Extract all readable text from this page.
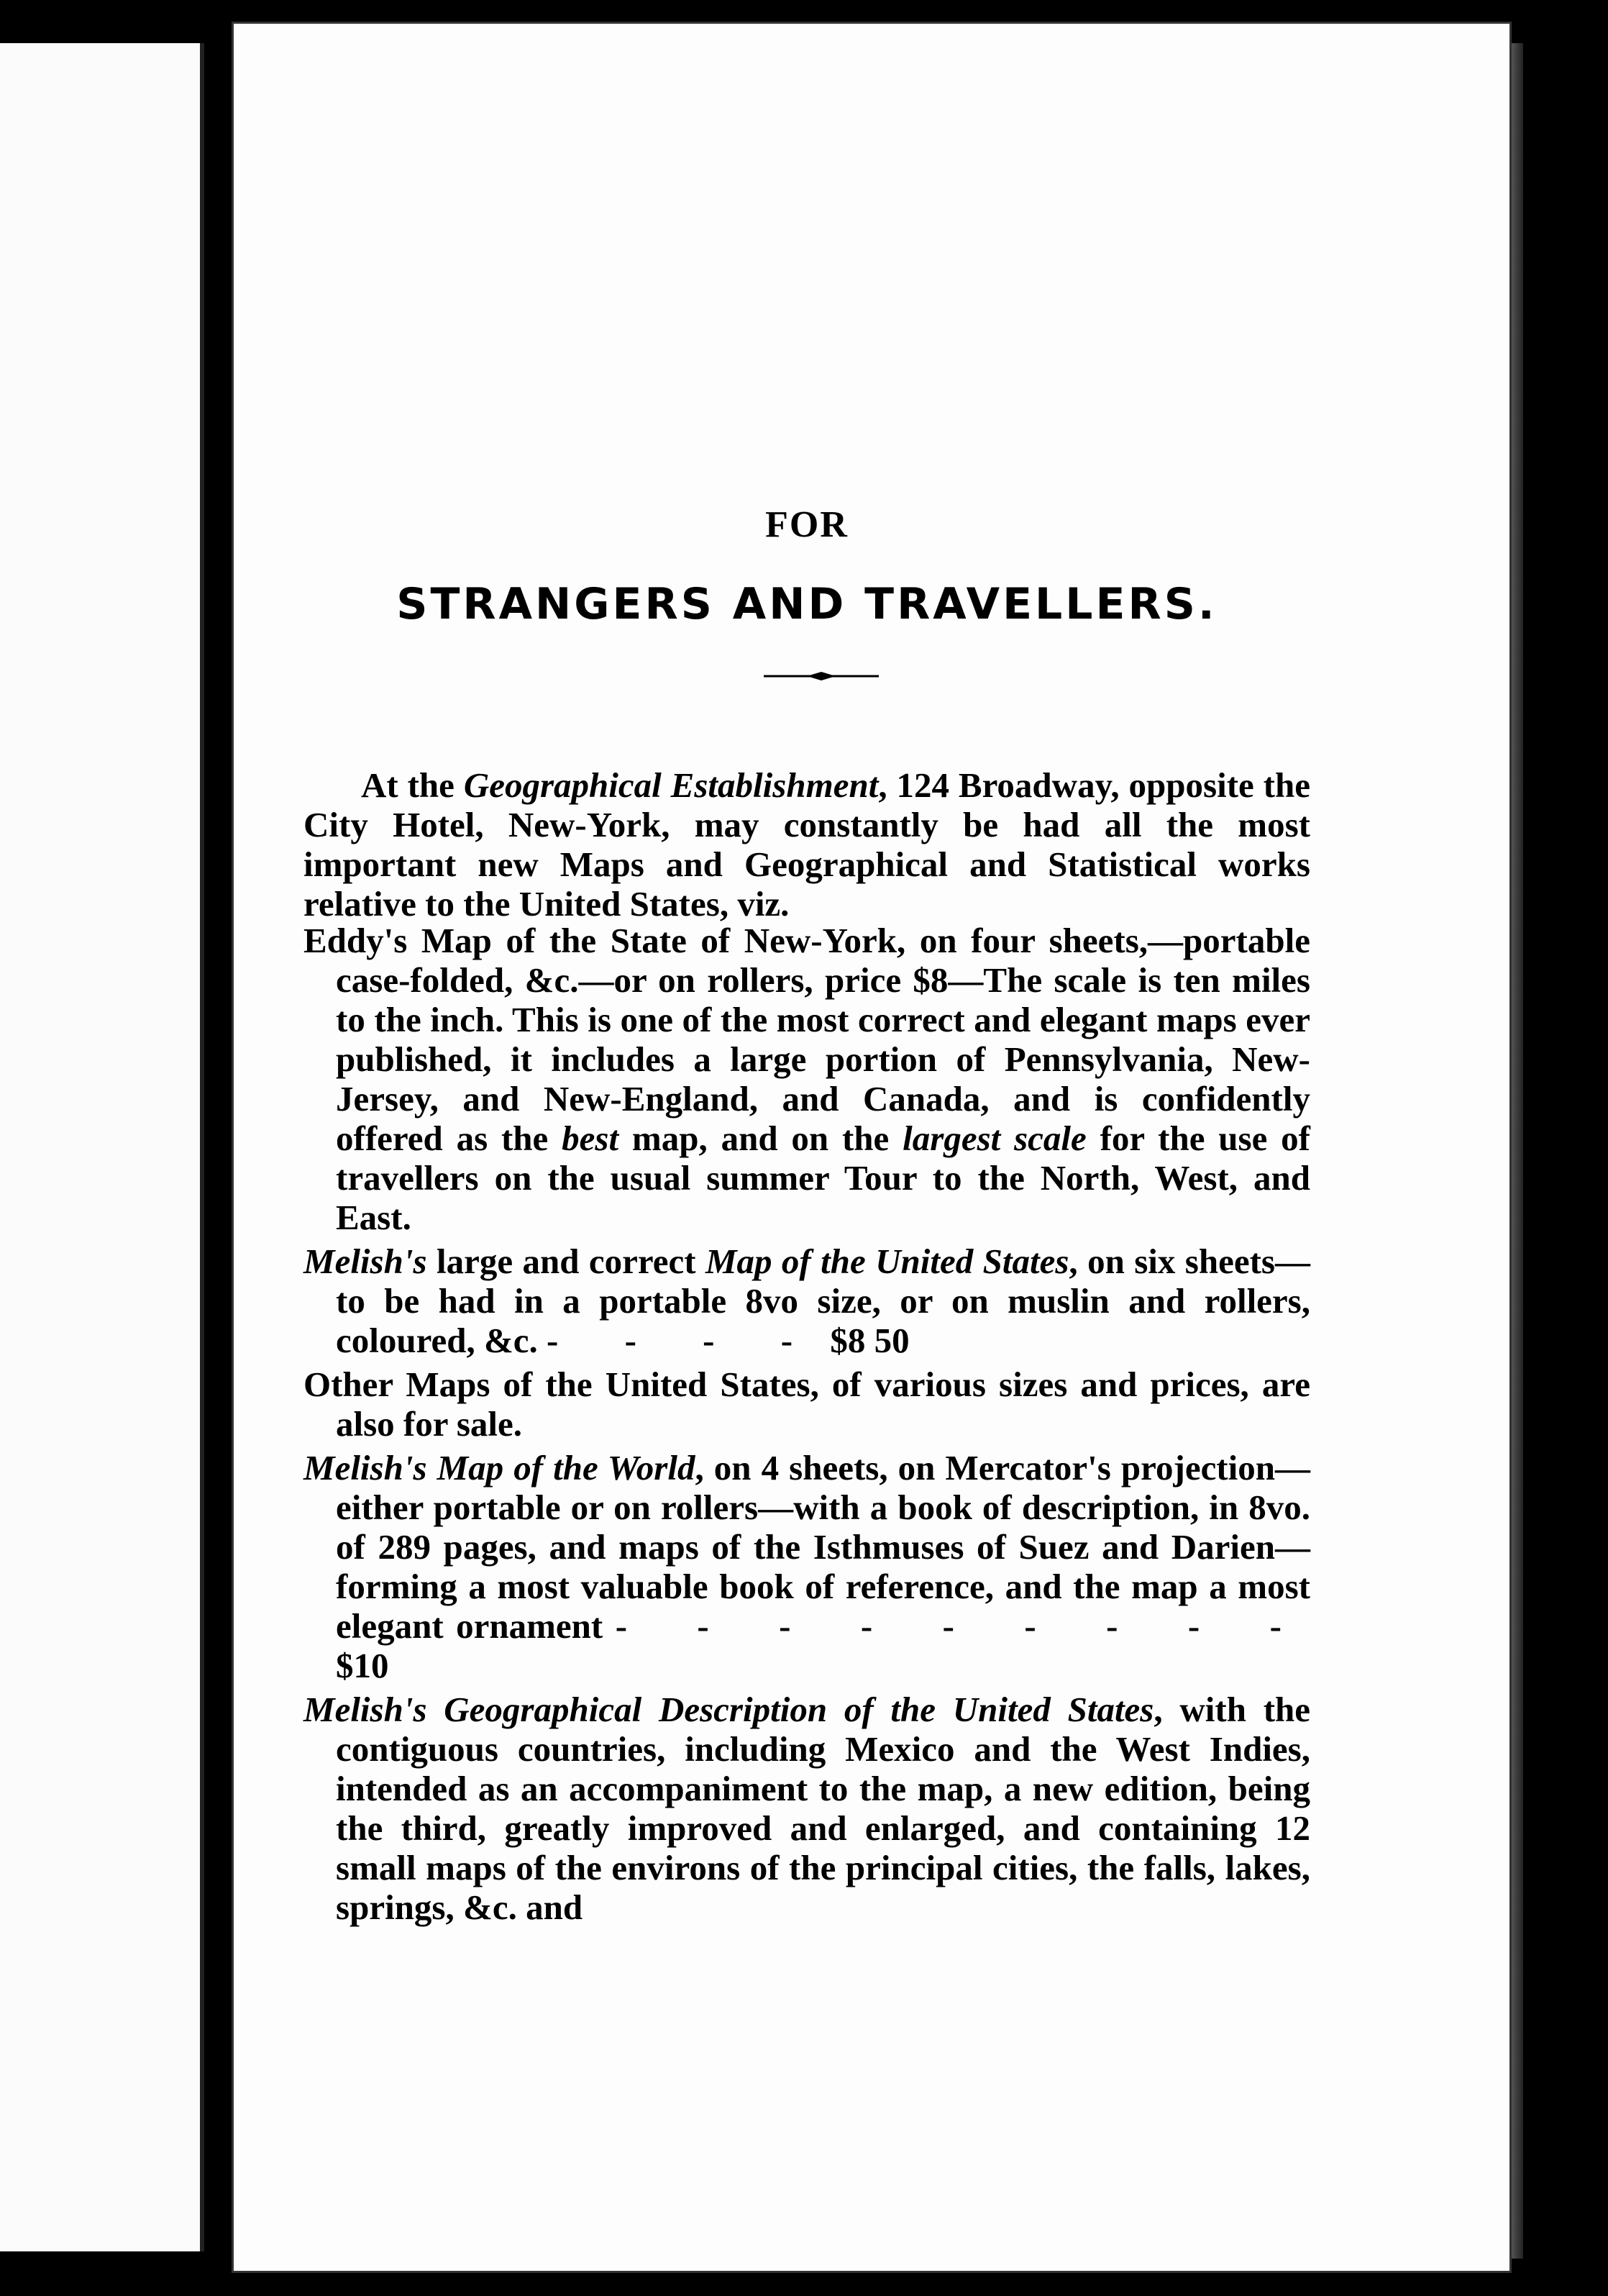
FOR
STRANGERS AND TRAVELLERS.

At the Geographical Establishment, 124 Broadway, opposite the City Hotel, New-York, may constantly be had all the most important new Maps and Geographical and Statistical works relative to the United States, viz.

Eddy's Map of the State of New-York, on four sheets,—portable case-folded, &c.—or on rollers, price $8—The scale is ten miles to the inch. This is one of the most correct and elegant maps ever published, it includes a large portion of Pennsylvania, New-Jersey, and New-England, and Canada, and is confidently offered as the best map, and on the largest scale for the use of travellers on the usual summer Tour to the North, West, and East.

Melish's large and correct Map of the United States, on six sheets—to be had in a portable 8vo size, or on muslin and rollers, coloured, &c. - - - - $8 50

Other Maps of the United States, of various sizes and prices, are also for sale.

Melish's Map of the World, on 4 sheets, on Mercator's projection—either portable or on rollers—with a book of description, in 8vo. of 289 pages, and maps of the Isthmuses of Suez and Darien—forming a most valuable book of reference, and the map a most elegant ornament - - - - - - - - - $10

Melish's Geographical Description of the United States, with the contiguous countries, including Mexico and the West Indies, intended as an accompaniment to the map, a new edition, being the third, greatly improved and enlarged, and containing 12 small maps of the environs of the principal cities, the falls, lakes, springs, &c. and
